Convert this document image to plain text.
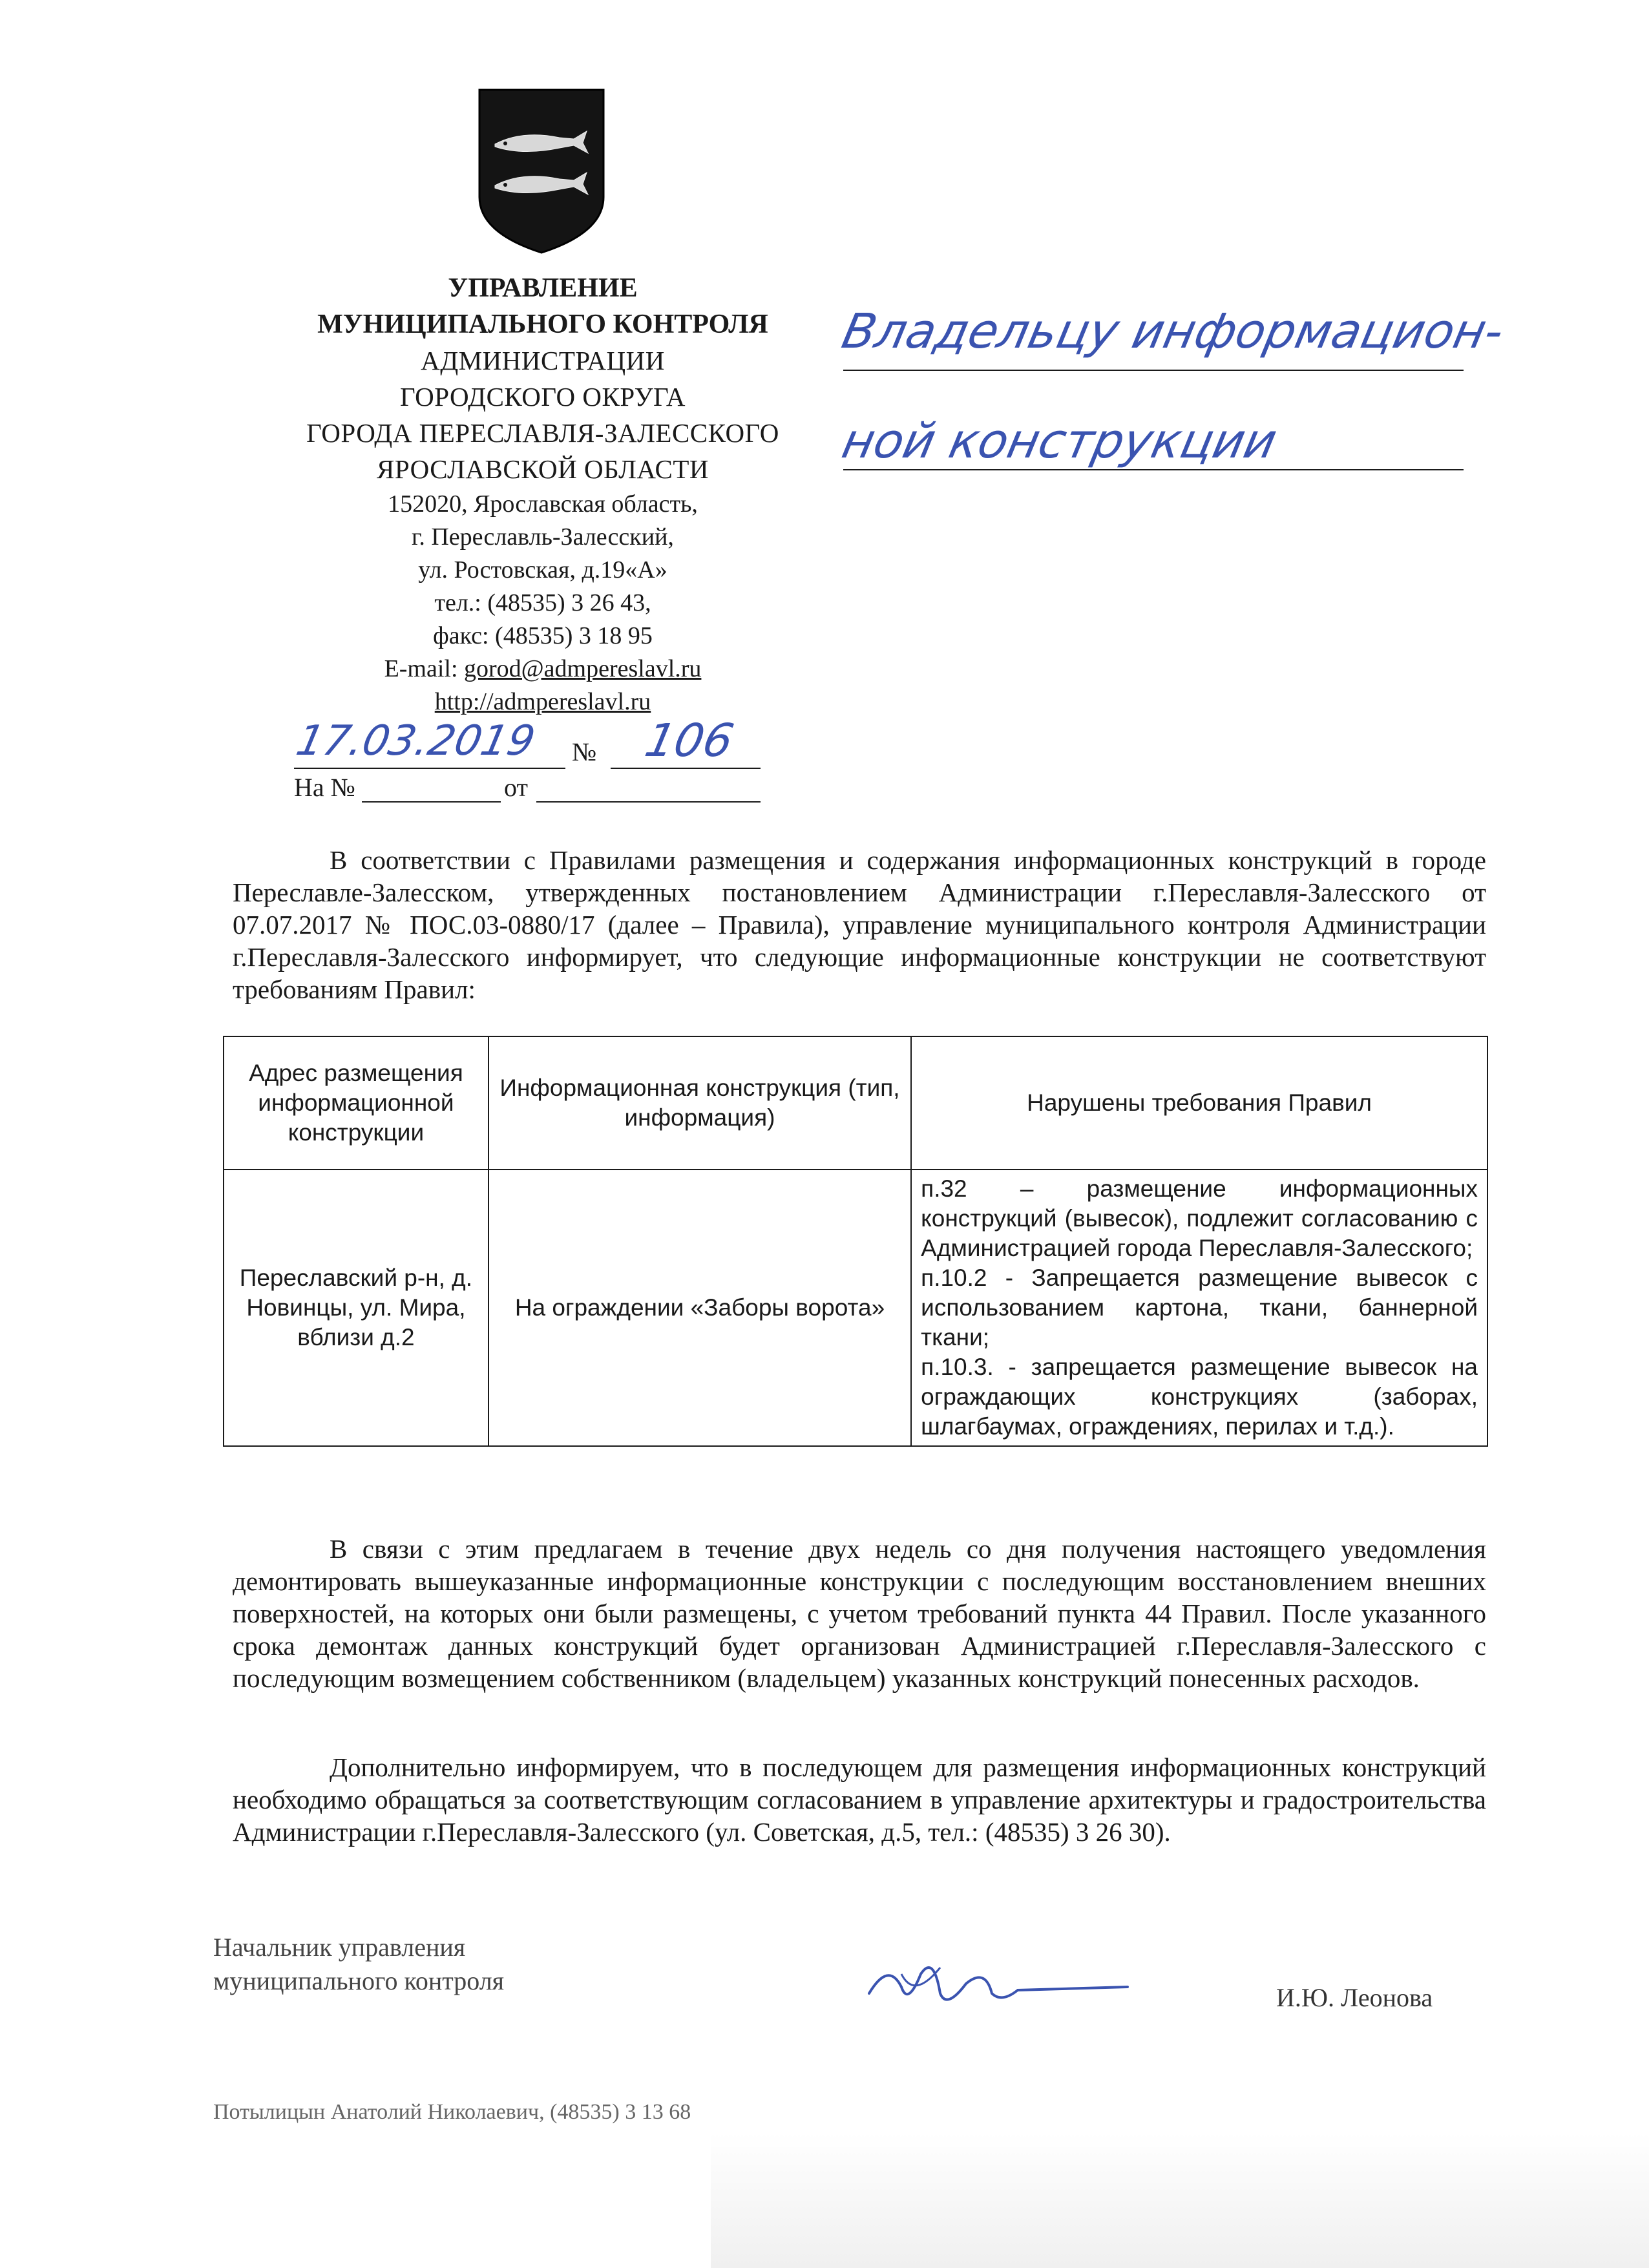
УПРАВЛЕНИЕ
МУНИЦИПАЛЬНОГО КОНТРОЛЯ
АДМИНИСТРАЦИИ
ГОРОДСКОГО ОКРУГА
ГОРОДА ПЕРЕСЛАВЛЯ-ЗАЛЕССКОГО
ЯРОСЛАВСКОЙ ОБЛАСТИ
152020, Ярославская область,
г. Переславль-Залесский,
ул. Ростовская, д.19«А»
тел.: (48535) 3 26 43,
факс: (48535) 3 18 95
E-mail: gorod@admpereslavl.ru
http://admpereslavl.ru
Владельцу информацион-
ной конструкции
17.03.2019 № 106
На №	от
В соответствии с Правилами размещения и содержания информационных конструкций в городе Переславле-Залесском, утвержденных постановлением Администрации г.Переславля-Залесского от 07.07.2017 № ПОС.03-0880/17 (далее – Правила), управление муниципального контроля Администрации г.Переславля-Залесского информирует, что следующие информационные конструкции не соответствуют требованиям Правил:
Адрес размещения информационной конструкции	Информационная конструкция (тип, информация)	Нарушены требования Правил
Переславский р-н, д. Новинцы, ул. Мира, вблизи д.2	На ограждении «Заборы ворота»	п.32 – размещение информационных конструкций (вывесок), подлежит согласованию с Администрацией города Переславля-Залесского;
п.10.2 - Запрещается размещение вывесок с использованием картона, ткани, баннерной ткани;
п.10.3. - запрещается размещение вывесок на ограждающих конструкциях (заборах, шлагбаумах, ограждениях, перилах и т.д.).
В связи с этим предлагаем в течение двух недель со дня получения настоящего уведомления демонтировать вышеуказанные информационные конструкции с последующим восстановлением внешних поверхностей, на которых они были размещены, с учетом требований пункта 44 Правил. После указанного срока демонтаж данных конструкций будет организован Администрацией г.Переславля-Залесского с последующим возмещением собственником (владельцем) указанных конструкций понесенных расходов.
Дополнительно информируем, что в последующем для размещения информационных конструкций необходимо обращаться за соответствующим согласованием в управление архитектуры и градостроительства Администрации г.Переславля-Залесского (ул. Советская, д.5, тел.: (48535) 3 26 30).
Начальник управления
муниципального контроля
И.Ю. Леонова
Потылицын Анатолий Николаевич, (48535) 3 13 68
